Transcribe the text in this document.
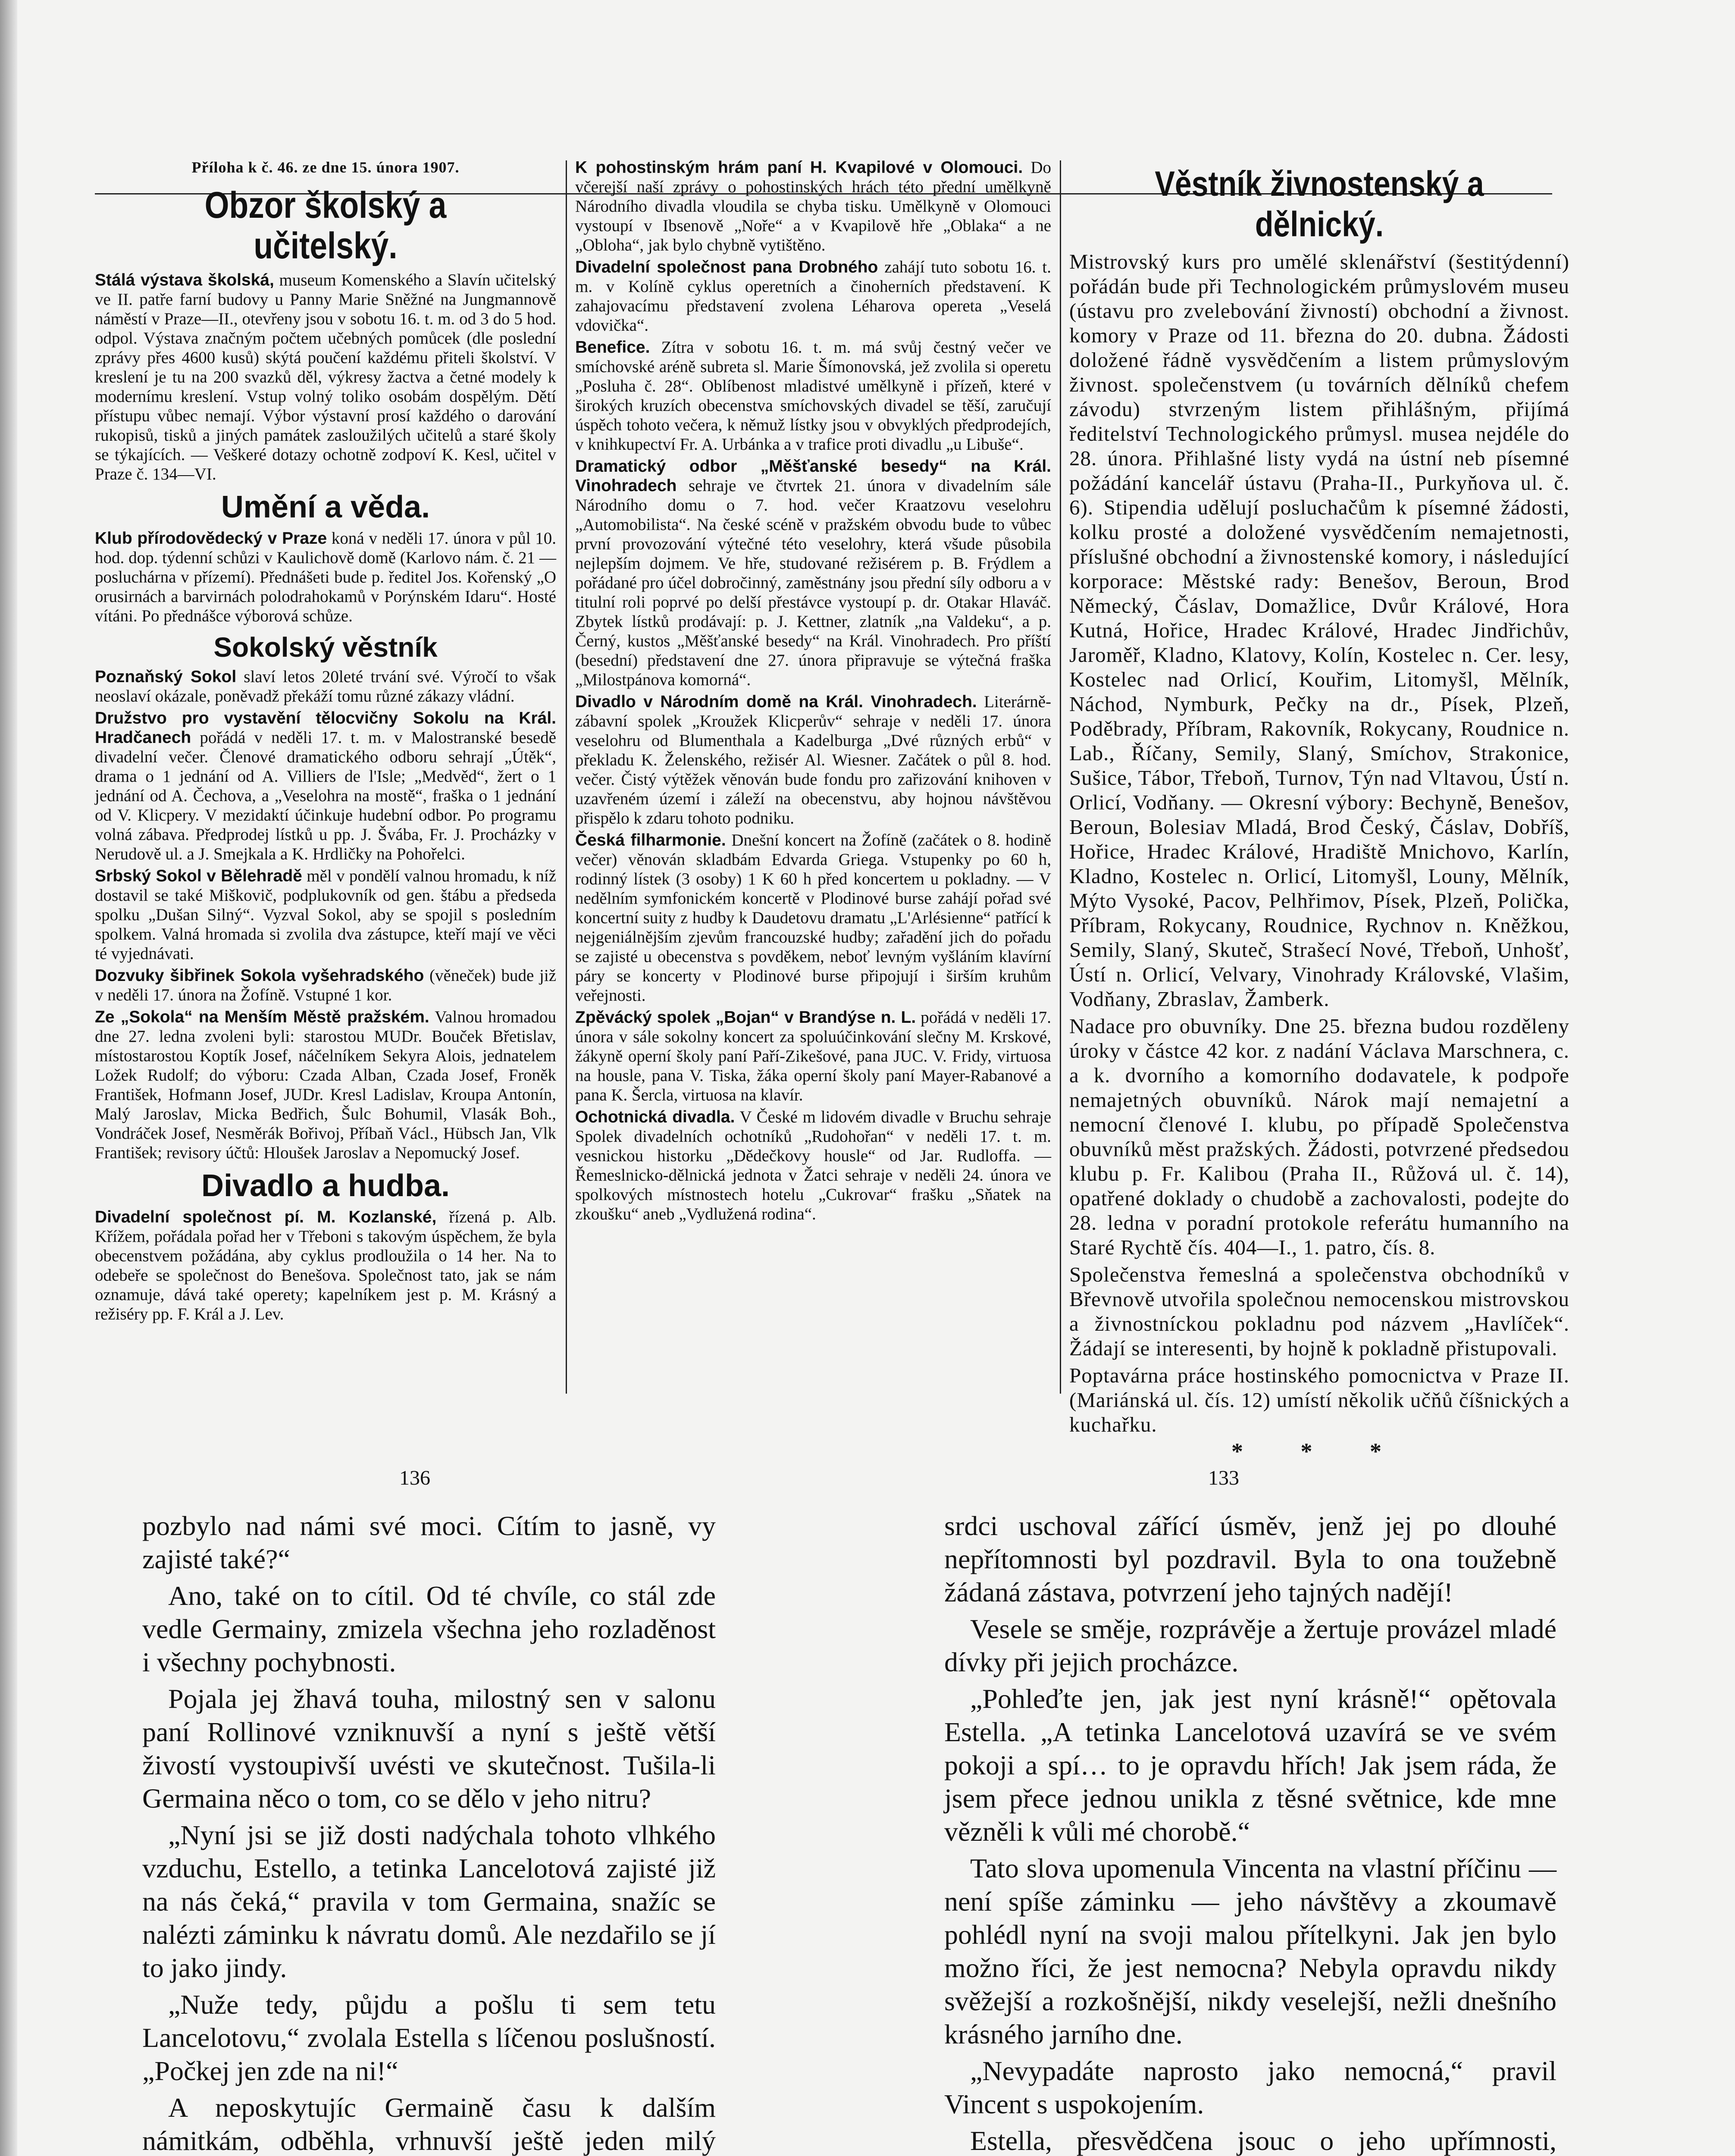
Příloha k č. 46. ze dne 15. února 1907.
Obzor školský a učitelský.

Stálá výstava školská, museum Komenského a Slavín učitelský ve II. patře farní budovy u Panny Marie Sněžné na Jungmannově náměstí v Praze—II., otevřeny jsou v sobotu 16. t. m. od 3 do 5 hod. odpol. Výstava značným počtem učebných pomůcek (dle poslední zprávy přes 4600 kusů) skýtá poučení každému přiteli školství. V kreslení je tu na 200 svazků děl, výkresy žactva a četné modely k modernímu kreslení. Vstup volný toliko osobám dospělým. Dětí přístupu vůbec nemají. Výbor výstavní prosí každého o darování rukopisů, tisků a jiných památek zasloužilých učitelů a staré školy se týkajících. — Veškeré dotazy ochotně zodpoví K. Kesl, učitel v Praze č. 134—VI.

Umění a věda.

Klub přírodovědecký v Praze koná v neděli 17. února v půl 10. hod. dop. týdenní schůzi v Kaulichově domě (Karlovo nám. č. 21 — posluchárna v přízemí). Přednášeti bude p. ředitel Jos. Kořenský „O orusirnách a barvirnách polodrahokamů v Porýnském Idaru“. Hosté vítáni. Po přednášce výborová schůze.

Sokolský věstník

Poznaňský Sokol slaví letos 20leté trvání své. Výročí to však neoslaví okázale, poněvadž překáží tomu různé zákazy vládní.

Družstvo pro vystavění tělocvičny Sokolu na Král. Hradčanech pořádá v neděli 17. t. m. v Malostranské besedě divadelní večer. Členové dramatického odboru sehrají „Útěk“, drama o 1 jednání od A. Villiers de l'Isle; „Medvěd“, žert o 1 jednání od A. Čechova, a „Veselohra na mostě“, fraška o 1 jednání od V. Klicpery. V mezidaktí účinkuje hudební odbor. Po programu volná zábava. Předprodej lístků u pp. J. Švába, Fr. J. Procházky v Nerudově ul. a J. Smejkala a K. Hrdličky na Pohořelci.

Srbský Sokol v Bělehradě měl v pondělí valnou hromadu, k níž dostavil se také Miškovič, podplukovník od gen. štábu a předseda spolku „Dušan Silný“. Vyzval Sokol, aby se spojil s posledním spolkem. Valná hromada si zvolila dva zástupce, kteří mají ve věci té vyjednávati.

Dozvuky šibřinek Sokola vyšehradského (věneček) bude již v neděli 17. února na Žofíně. Vstupné 1 kor.

Ze „Sokola“ na Menším Městě pražském. Valnou hromadou dne 27. ledna zvoleni byli: starostou MUDr. Bouček Břetislav, místostarostou Koptík Josef, náčelníkem Sekyra Alois, jednatelem Ložek Rudolf; do výboru: Czada Alban, Czada Josef, Froněk František, Hofmann Josef, JUDr. Kresl Ladislav, Kroupa Antonín, Malý Jaroslav, Micka Bedřich, Šulc Bohumil, Vlasák Boh., Vondráček Josef, Nesměrák Bořivoj, Příbaň Václ., Hübsch Jan, Vlk František; revisory účtů: Hloušek Jaroslav a Nepomucký Josef.

Divadlo a hudba.

Divadelní společnost pí. M. Kozlanské, řízená p. Alb. Křížem, pořádala pořad her v Třeboni s takovým úspěchem, že byla obecenstvem požádána, aby cyklus prodloužila o 14 her. Na to odebeře se společnost do Benešova. Společnost tato, jak se nám oznamuje, dává také operety; kapelníkem jest p. M. Krásný a režiséry pp. F. Král a J. Lev.

K pohostinským hrám paní H. Kvapilové v Olomouci. Do včerejší naší zprávy o pohostinských hrách této přední umělkyně Národního divadla vloudila se chyba tisku. Umělkyně v Olomouci vystoupí v Ibsenově „Noře“ a v Kvapilově hře „Oblaka“ a ne „Obloha“, jak bylo chybně vytištěno.

Divadelní společnost pana Drobného zahájí tuto sobotu 16. t. m. v Kolíně cyklus operetních a činoherních představení. K zahajovacímu představení zvolena Léharova opereta „Veselá vdovička“.

Benefice. Zítra v sobotu 16. t. m. má svůj čestný večer ve smíchovské aréně subreta sl. Marie Šímonovská, jež zvolila si operetu „Posluha č. 28“. Oblíbenost mladistvé umělkyně i přízeň, které v širokých kruzích obecenstva smíchovských divadel se těší, zaručují úspěch tohoto večera, k němuž lístky jsou v obvyklých předprodejích, v knihkupectví Fr. A. Urbánka a v trafice proti divadlu „u Libuše“.

Dramatický odbor „Měšťanské besedy“ na Král. Vinohradech sehraje ve čtvrtek 21. února v divadelním sále Národního domu o 7. hod. večer Kraatzovu veselohru „Automobilista“. Na české scéně v pražském obvodu bude to vůbec první provozování výtečné této veselohry, která všude působila nejlepším dojmem. Ve hře, studované režisérem p. B. Frýdlem a pořádané pro účel dobročinný, zaměstnány jsou přední síly odboru a v titulní roli poprvé po delší přestávce vystoupí p. dr. Otakar Hlaváč. Zbytek lístků prodávají: p. J. Kettner, zlatník „na Valdeku“, a p. Černý, kustos „Měšťanské besedy“ na Král. Vinohradech. Pro příští (besední) představení dne 27. února připravuje se výtečná fraška „Milostpánova komorná“.

Divadlo v Národním domě na Král. Vinohradech. Literárně-zábavní spolek „Kroužek Klicperův“ sehraje v neděli 17. února veselohru od Blumenthala a Kadelburga „Dvé různých erbů“ v překladu K. Želenského, režisér Al. Wiesner. Začátek o půl 8. hod. večer. Čistý výtěžek věnován bude fondu pro zařizování knihoven v uzavřeném území i záleží na obecenstvu, aby hojnou návštěvou přispělo k zdaru tohoto podniku.

Česká filharmonie. Dnešní koncert na Žofíně (začátek o 8. hodině večer) věnován skladbám Edvarda Griega. Vstupenky po 60 h, rodinný lístek (3 osoby) 1 K 60 h před koncertem u pokladny. — V nedělním symfonickém koncertě v Plodinové burse zahájí pořad své koncertní suity z hudby k Daudetovu dramatu „L'Arlésienne“ patřící k nejgeniálnějším zjevům francouzské hudby; zařadění jich do pořadu se zajisté u obecenstva s povděkem, neboť levným vyšláním klavírní páry se koncerty v Plodinové burse připojují i širším kruhům veřejnosti.

Zpěvácký spolek „Bojan“ v Brandýse n. L. pořádá v neděli 17. února v sále sokolny koncert za spoluúčinkování slečny M. Krskové, žákyně operní školy paní Paří-Zikešové, pana JUC. V. Fridy, virtuosa na housle, pana V. Tiska, žáka operní školy paní Mayer-Rabanové a pana K. Šercla, virtuosa na klavír.

Ochotnická divadla. V České m lidovém divadle v Bruchu sehraje Spolek divadelních ochotníků „Rudohořan“ v neděli 17. t. m. vesnickou historku „Dědečkovy housle“ od Jar. Rudloffa. — Řemeslnicko-dělnická jednota v Žatci sehraje v neděli 24. února ve spolkových místnostech hotelu „Cukrovar“ frašku „Sňatek na zkoušku“ aneb „Vydlužená rodina“.

Věstník živnostenský a dělnický.

Mistrovský kurs pro umělé sklenářství (šestitýdenní) pořádán bude při Technologickém průmyslovém museu (ústavu pro zvelebování živností) obchodní a živnost. komory v Praze od 11. března do 20. dubna. Žádosti doložené řádně vysvědčením a listem průmyslovým živnost. společenstvem (u továrních dělníků chefem závodu) stvrzeným listem přihlášným, přijímá ředitelství Technologického průmysl. musea nejdéle do 28. února. Přihlašné listy vydá na ústní neb písemné požádání kancelář ústavu (Praha-II., Purkyňova ul. č. 6). Stipendia udělují posluchačům k písemné žádosti, kolku prosté a doložené vysvědčením nemajetnosti, příslušné obchodní a živnostenské komory, i následující korporace: Městské rady: Benešov, Beroun, Brod Německý, Čáslav, Domažlice, Dvůr Králové, Hora Kutná, Hořice, Hradec Králové, Hradec Jindřichův, Jaroměř, Kladno, Klatovy, Kolín, Kostelec n. Cer. lesy, Kostelec nad Orlicí, Kouřim, Litomyšl, Mělník, Náchod, Nymburk, Pečky na dr., Písek, Plzeň, Poděbrady, Příbram, Rakovník, Rokycany, Roudnice n. Lab., Říčany, Semily, Slaný, Smíchov, Strakonice, Sušice, Tábor, Třeboň, Turnov, Týn nad Vltavou, Ústí n. Orlicí, Vodňany. — Okresní výbory: Bechyně, Benešov, Beroun, Bolesiav Mladá, Brod Český, Čáslav, Dobříš, Hořice, Hradec Králové, Hradiště Mnichovo, Karlín, Kladno, Kostelec n. Orlicí, Litomyšl, Louny, Mělník, Mýto Vysoké, Pacov, Pelhřimov, Písek, Plzeň, Polička, Příbram, Rokycany, Roudnice, Rychnov n. Kněžkou, Semily, Slaný, Skuteč, Strašecí Nové, Třeboň, Unhošť, Ústí n. Orlicí, Velvary, Vinohrady Královské, Vlašim, Vodňany, Zbraslav, Žamberk.

Nadace pro obuvníky. Dne 25. března budou rozděleny úroky v částce 42 kor. z nadání Václava Marschnera, c. a k. dvorního a komorního dodavatele, k podpoře nemajetných obuvníků. Nárok mají nemajetní a nemocní členové I. klubu, po případě Společenstva obuvníků měst pražských. Žádosti, potvrzené předsedou klubu p. Fr. Kalibou (Praha II., Růžová ul. č. 14), opatřené doklady o chudobě a zachovalosti, podejte do 28. ledna v poradní protokole referátu humanního na Staré Rychtě čís. 404—I., 1. patro, čís. 8.

Společenstva řemeslná a společenstva obchodníků v Břevnově utvořila společnou nemocenskou mistrovskou a živnostníckou pokladnu pod názvem „Havlíček“. Žádají se interesenti, by hojně k pokladně přistupovali.

Poptavárna práce hostinského pomocnictva v Praze II. (Mariánská ul. čís. 12) umístí několik učňů číšnických a kuchařku.

* * *
136	133

pozbylo nad námi své moci. Cítím to jasně, vy zajisté také?“

Ano, také on to cítil. Od té chvíle, co stál zde vedle Germainy, zmizela všechna jeho rozladěnost i všechny pochybnosti.

Pojala jej žhavá touha, milostný sen v salonu paní Rollinové vzniknuvší a nyní s ještě větší živostí vystoupivší uvésti ve skutečnost. Tušila-li Germaina něco o tom, co se dělo v jeho nitru?

„Nyní jsi se již dosti nadýchala tohoto vlhkého vzduchu, Estello, a tetinka Lancelotová zajisté již na nás čeká,“ pravila v tom Germaina, snažíc se nalézti záminku k návratu domů. Ale nezdařilo se jí to jako jindy.

„Nuže tedy, půjdu a pošlu ti sem tetu Lancelotovu,“ zvolala Estella s líčenou poslušností. „Počkej jen zde na ni!“

A neposkytujíc Germaině času k dalším námitkám, odběhla, vrhnuvší ještě jeden milý

srdci uschoval zářící úsměv, jenž jej po dlouhé nepřítomnosti byl pozdravil. Byla to ona toužebně žádaná zástava, potvrzení jeho tajných nadějí!

Vesele se směje, rozprávěje a žertuje provázel mladé dívky při jejich procházce.

„Pohleďte jen, jak jest nyní krásně!“ opětovala Estella. „A tetinka Lancelotová uzavírá se ve svém pokoji a spí… to je opravdu hřích! Jak jsem ráda, že jsem přece jednou unikla z těsné světnice, kde mne vězněli k vůli mé chorobě.“

Tato slova upomenula Vincenta na vlastní příčinu — není spíše záminku — jeho návštěvy a zkoumavě pohlédl nyní na svoji malou přítelkyni. Jak jen bylo možno říci, že jest nemocna? Nebyla opravdu nikdy svěžejší a rozkošnější, nikdy veselejší, nežli dnešního krásného jarního dne.

„Nevypadáte naprosto jako nemocná,“ pravil Vincent s uspokojením.

Estella, přesvědčena jsouc o jeho upřímnosti,
